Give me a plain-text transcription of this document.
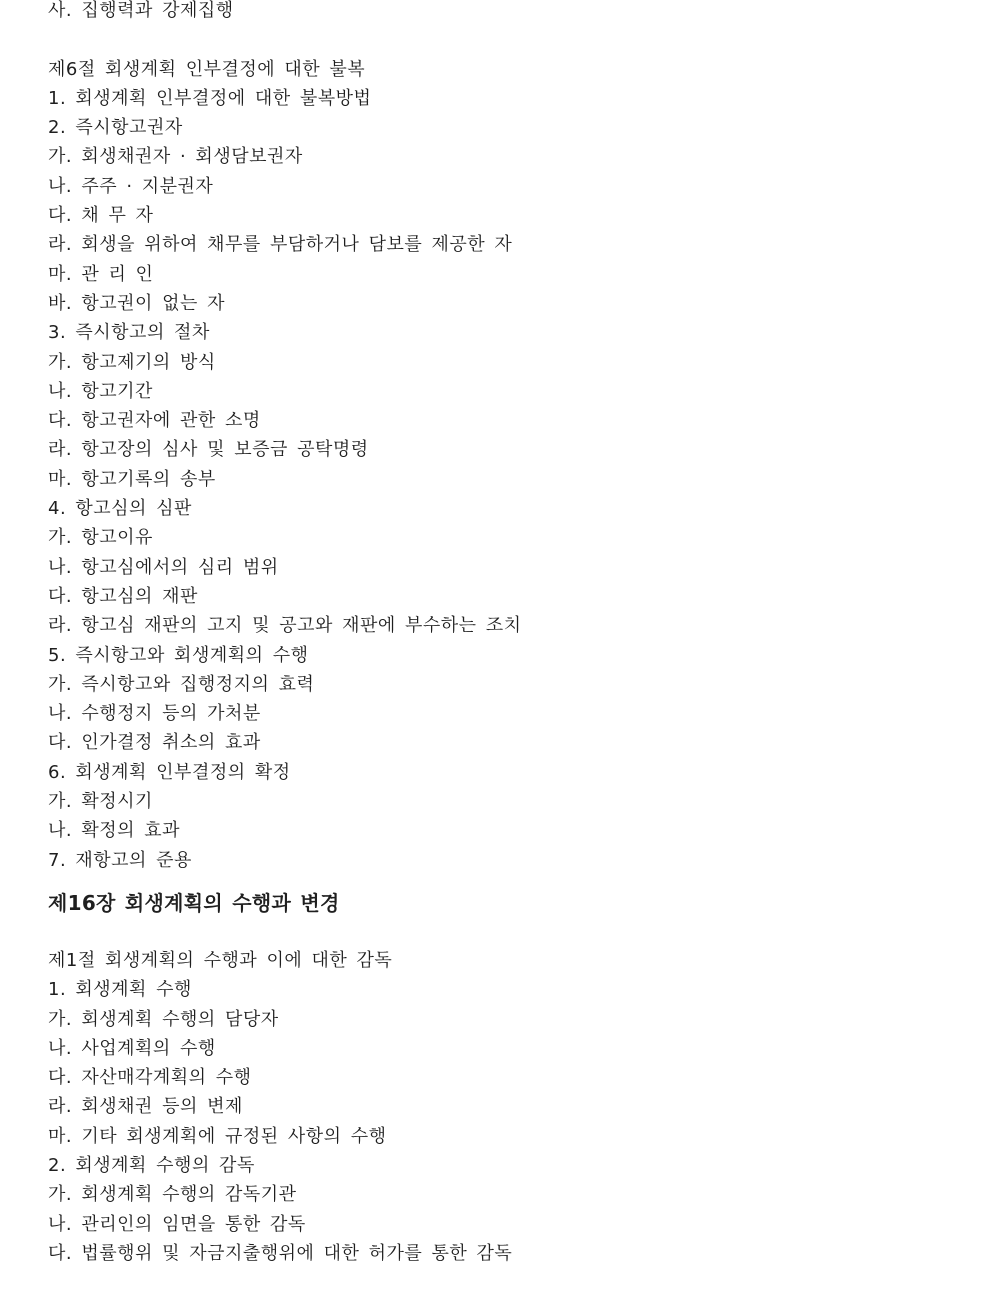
사. 집행력과 강제집행
제6절 회생계획 인부결정에 대한 불복
1. 회생계획 인부결정에 대한 불복방법
2. 즉시항고권자
가. 회생채권자 · 회생담보권자
나. 주주 · 지분권자
다. 채 무 자
라. 회생을 위하여 채무를 부담하거나 담보를 제공한 자
마. 관 리 인
바. 항고권이 없는 자
3. 즉시항고의 절차
가. 항고제기의 방식
나. 항고기간
다. 항고권자에 관한 소명
라. 항고장의 심사 및 보증금 공탁명령
마. 항고기록의 송부
4. 항고심의 심판
가. 항고이유
나. 항고심에서의 심리 범위
다. 항고심의 재판
라. 항고심 재판의 고지 및 공고와 재판에 부수하는 조치
5. 즉시항고와 회생계획의 수행
가. 즉시항고와 집행정지의 효력
나. 수행정지 등의 가처분
다. 인가결정 취소의 효과
6. 회생계획 인부결정의 확정
가. 확정시기
나. 확정의 효과
7. 재항고의 준용
제16장 회생계획의 수행과 변경
제1절 회생계획의 수행과 이에 대한 감독
1. 회생계획 수행
가. 회생계획 수행의 담당자
나. 사업계획의 수행
다. 자산매각계획의 수행
라. 회생채권 등의 변제
마. 기타 회생계획에 규정된 사항의 수행
2. 회생계획 수행의 감독
가. 회생계획 수행의 감독기관
나. 관리인의 임면을 통한 감독
다. 법률행위 및 자금지출행위에 대한 허가를 통한 감독
